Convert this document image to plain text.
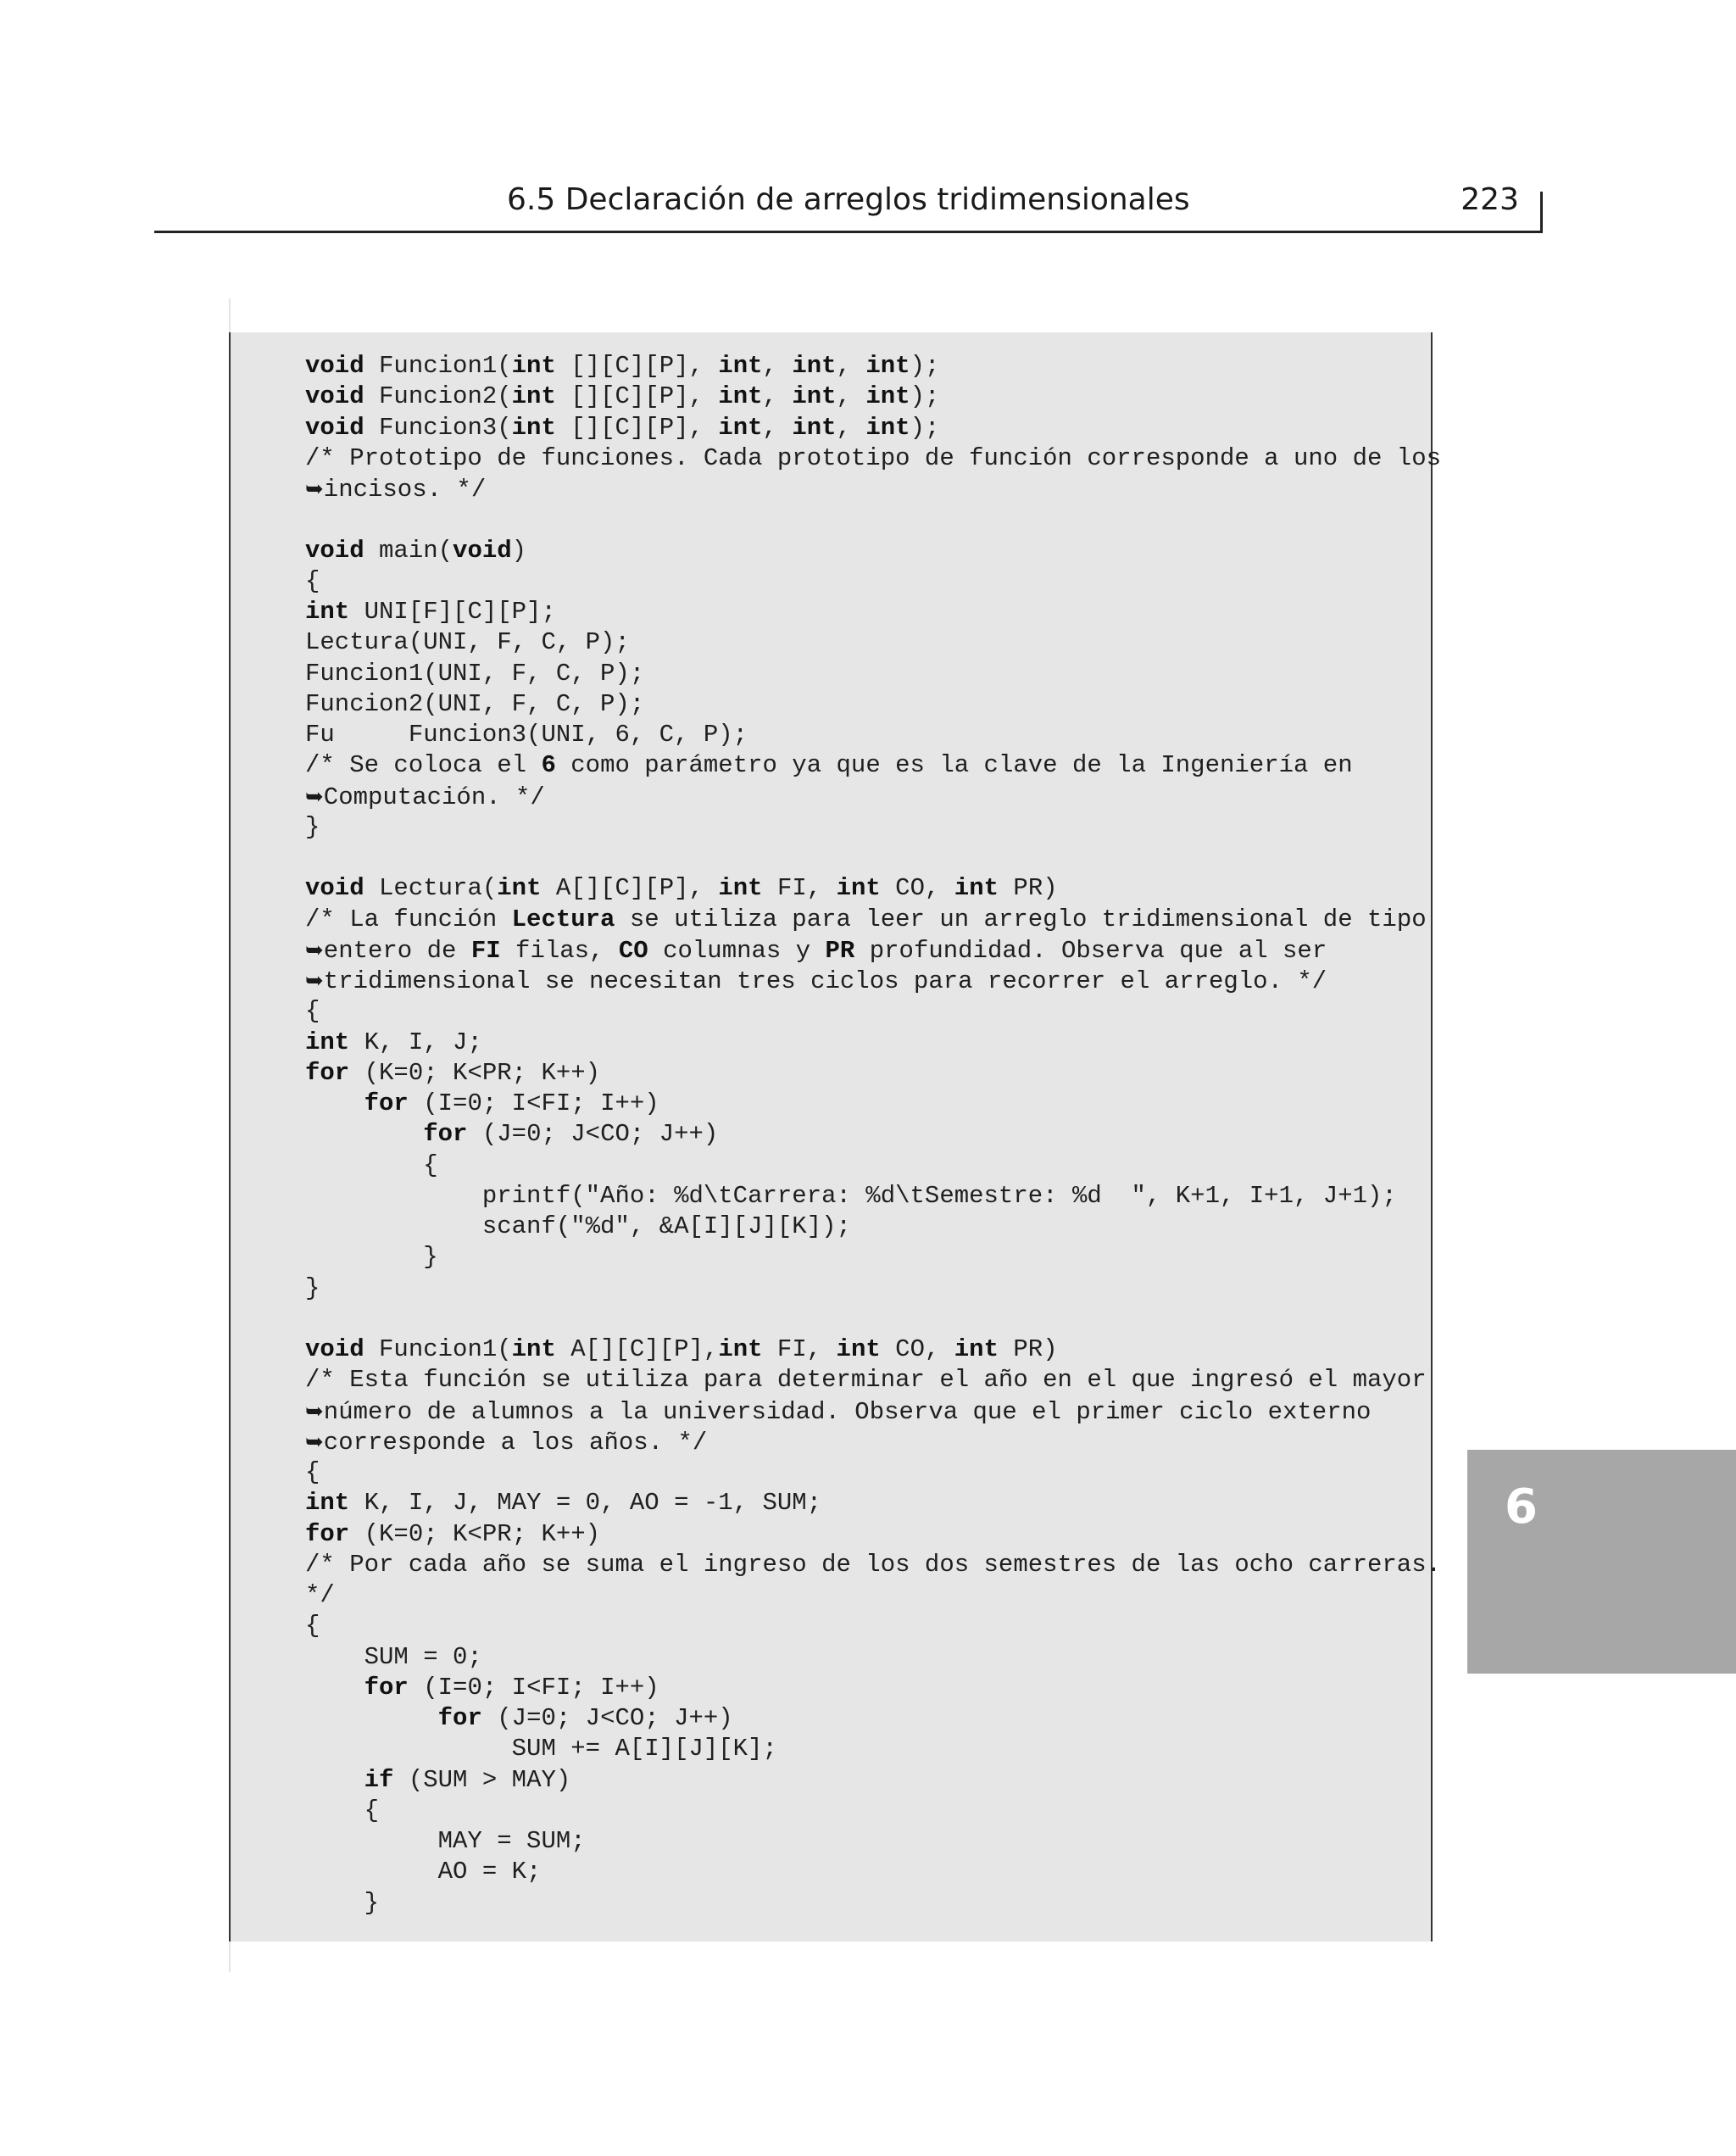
6.5 Declaración de arreglos tridimensionales	223
void Funcion1(int [][C][P], int, int, int);
void Funcion2(int [][C][P], int, int, int);
void Funcion3(int [][C][P], int, int, int);
/* Prototipo de funciones. Cada prototipo de función corresponde a uno de los
➥incisos. */
void main(void)
{
int UNI[F][C][P];
Lectura(UNI, F, C, P);
Funcion1(UNI, F, C, P);
Funcion2(UNI, F, C, P);
Fu     Funcion3(UNI, 6, C, P);
/* Se coloca el 6 como parámetro ya que es la clave de la Ingeniería en
➥Computación. */
}
void Lectura(int A[][C][P], int FI, int CO, int PR)
/* La función Lectura se utiliza para leer un arreglo tridimensional de tipo
➥entero de FI filas, CO columnas y PR profundidad. Observa que al ser
➥tridimensional se necesitan tres ciclos para recorrer el arreglo. */
{
int K, I, J;
for (K=0; K<PR; K++)
for (I=0; I<FI; I++)
for (J=0; J<CO; J++)
{
printf("Año: %d\tCarrera: %d\tSemestre: %d  ", K+1, I+1, J+1);
scanf("%d", &A[I][J][K]);
}
}
void Funcion1(int A[][C][P],int FI, int CO, int PR)
/* Esta función se utiliza para determinar el año en el que ingresó el mayor
➥número de alumnos a la universidad. Observa que el primer ciclo externo
➥corresponde a los años. */
{
int K, I, J, MAY = 0, AO = -1, SUM;
for (K=0; K<PR; K++)
/* Por cada año se suma el ingreso de los dos semestres de las ocho carreras.
*/
{
SUM = 0;
for (I=0; I<FI; I++)
for (J=0; J<CO; J++)
SUM += A[I][J][K];
if (SUM > MAY)
{
MAY = SUM;
AO = K;
}
6
